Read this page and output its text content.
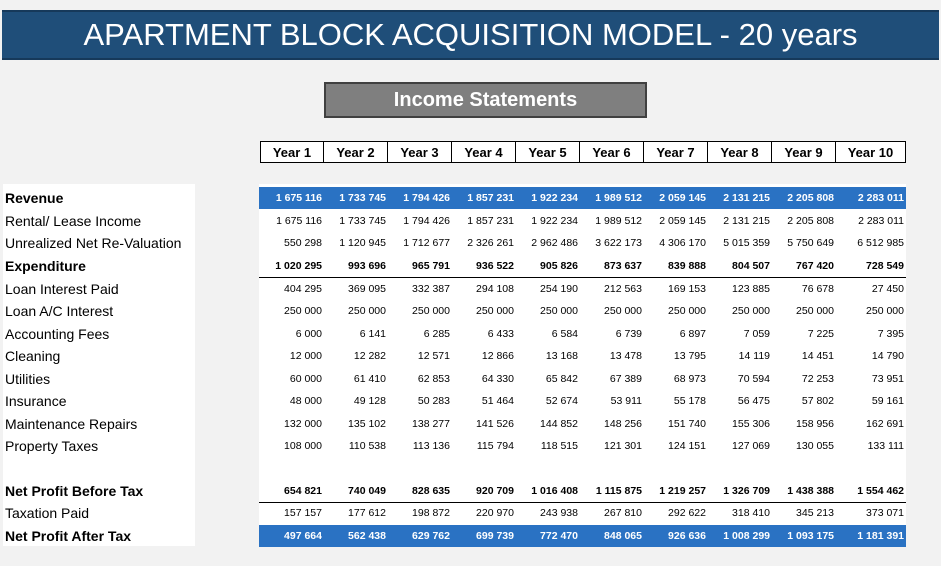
APARTMENT BLOCK ACQUISITION MODEL - 20 years
Income Statements
Year 1	Year 2	Year 3	Year 4	Year 5	Year 6	Year 7	Year 8	Year 9	Year 10
Revenue	1 675 116	1 733 745	1 794 426	1 857 231	1 922 234	1 989 512	2 059 145	2 131 215	2 205 808	2 283 011
Rental/ Lease Income	1 675 116	1 733 745	1 794 426	1 857 231	1 922 234	1 989 512	2 059 145	2 131 215	2 205 808	2 283 011
Unrealized Net Re-Valuation	550 298	1 120 945	1 712 677	2 326 261	2 962 486	3 622 173	4 306 170	5 015 359	5 750 649	6 512 985
Expenditure	1 020 295	993 696	965 791	936 522	905 826	873 637	839 888	804 507	767 420	728 549
Loan Interest Paid	404 295	369 095	332 387	294 108	254 190	212 563	169 153	123 885	76 678	27 450
Loan A/C Interest	250 000	250 000	250 000	250 000	250 000	250 000	250 000	250 000	250 000	250 000
Accounting Fees	6 000	6 141	6 285	6 433	6 584	6 739	6 897	7 059	7 225	7 395
Cleaning	12 000	12 282	12 571	12 866	13 168	13 478	13 795	14 119	14 451	14 790
Utilities	60 000	61 410	62 853	64 330	65 842	67 389	68 973	70 594	72 253	73 951
Insurance	48 000	49 128	50 283	51 464	52 674	53 911	55 178	56 475	57 802	59 161
Maintenance Repairs	132 000	135 102	138 277	141 526	144 852	148 256	151 740	155 306	158 956	162 691
Property Taxes	108 000	110 538	113 136	115 794	118 515	121 301	124 151	127 069	130 055	133 111
Net Profit Before Tax	654 821	740 049	828 635	920 709	1 016 408	1 115 875	1 219 257	1 326 709	1 438 388	1 554 462
Taxation Paid	157 157	177 612	198 872	220 970	243 938	267 810	292 622	318 410	345 213	373 071
Net Profit After Tax	497 664	562 438	629 762	699 739	772 470	848 065	926 636	1 008 299	1 093 175	1 181 391
